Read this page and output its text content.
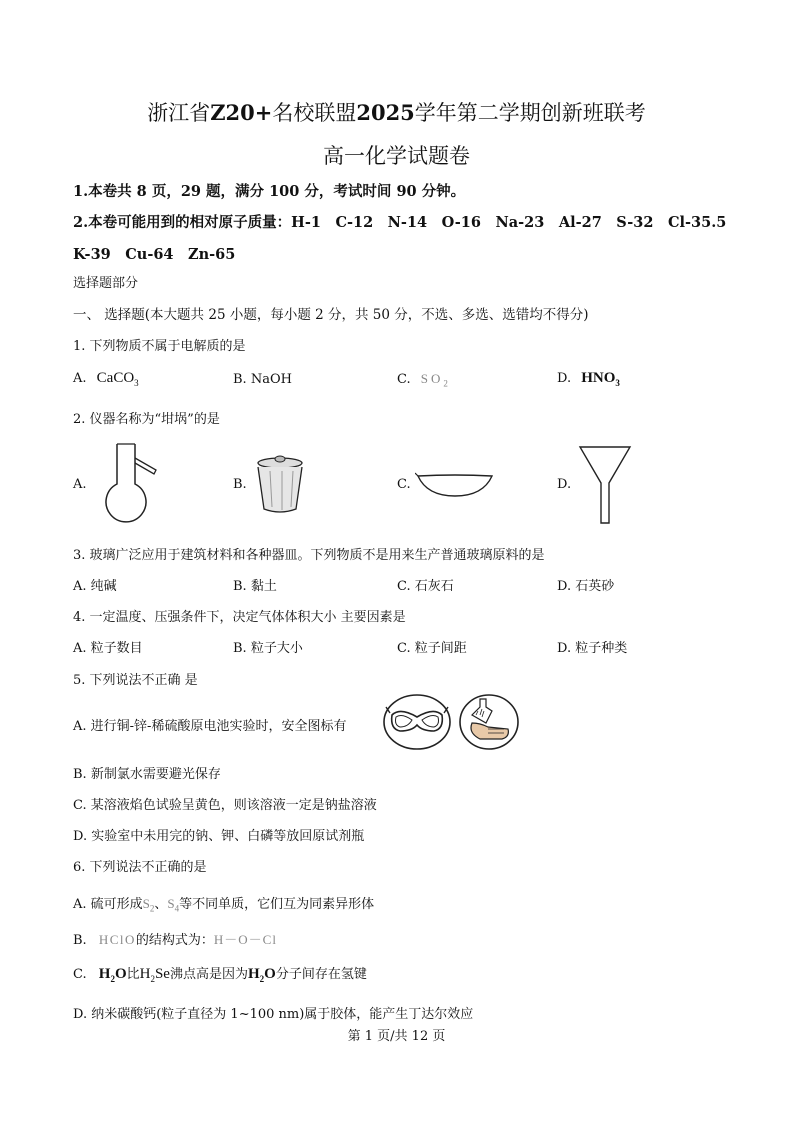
浙江省Z20+名校联盟2025学年第二学期创新班联考
高一化学试题卷
1.本卷共 8 页，29 题，满分 100 分，考试时间 90 分钟。
2.本卷可能用到的相对原子质量：H-1　C-12　N-14　O-16　Na-23　Al-27　S-32　Cl-35.5
K-39　Cu-64　Zn-65
选择题部分
一、 选择题(本大题共 25 小题，每小题 2 分，共 50 分，不选、多选、选错均不得分)
1. 下列物质不属于电解质的是
A. CaCO$_3$	B. NaOH	C. $SO_2$	D. $HNO_3$
2. 仪器名称为“坩埚”的是
A.	B.	C.	D.
3. 玻璃广泛应用于建筑材料和各种器皿。下列物质不是用来生产普通玻璃原料的是
A. 纯碱	B. 黏土	C. 石灰石	D. 石英砂
4. 一定温度、压强条件下，决定气体体积大小 主要因素是
A. 粒子数目	B. 粒子大小	C. 粒子间距	D. 粒子种类
5. 下列说法不正确 是
A. 进行铜-锌-稀硫酸原电池实验时，安全图标有
B. 新制氯水需要避光保存
C. 某溶液焰色试验呈黄色，则该溶液一定是钠盐溶液
D. 实验室中未用完的钠、钾、白磷等放回原试剂瓶
6. 下列说法不正确的是
A. 硫可形成$S_2$、$S_4$等不同单质，它们互为同素异形体
B. HClO的结构式为：H－O－Cl
C. $H_2O$比$H_2Se$沸点高是因为$H_2O$分子间存在氢键
D. 纳米碳酸钙(粒子直径为 1~100 nm)属于胶体，能产生丁达尔效应
第 1 页/共 12 页
